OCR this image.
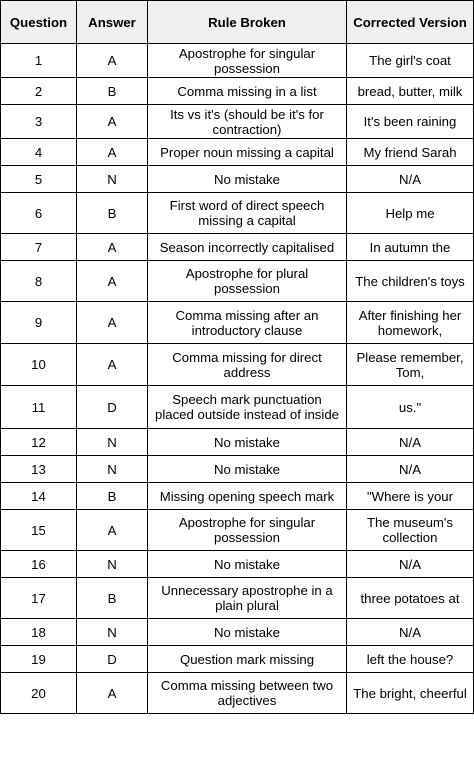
Question	Answer	Rule Broken	Corrected Version
1	A	Apostrophe for singular possession	The girl's coat
2	B	Comma missing in a list	bread, butter, milk
3	A	Its vs it's (should be it's for contraction)	It's been raining
4	A	Proper noun missing a capital	My friend Sarah
5	N	No mistake	N/A
6	B	First word of direct speech missing a capital	Help me
7	A	Season incorrectly capitalised	In autumn the
8	A	Apostrophe for plural possession	The children's toys
9	A	Comma missing after an introductory clause	After finishing her homework,
10	A	Comma missing for direct address	Please remember, Tom,
11	D	Speech mark punctuation placed outside instead of inside	us."
12	N	No mistake	N/A
13	N	No mistake	N/A
14	B	Missing opening speech mark	"Where is your
15	A	Apostrophe for singular possession	The museum's collection
16	N	No mistake	N/A
17	B	Unnecessary apostrophe in a plain plural	three potatoes at
18	N	No mistake	N/A
19	D	Question mark missing	left the house?
20	A	Comma missing between two adjectives	The bright, cheerful
